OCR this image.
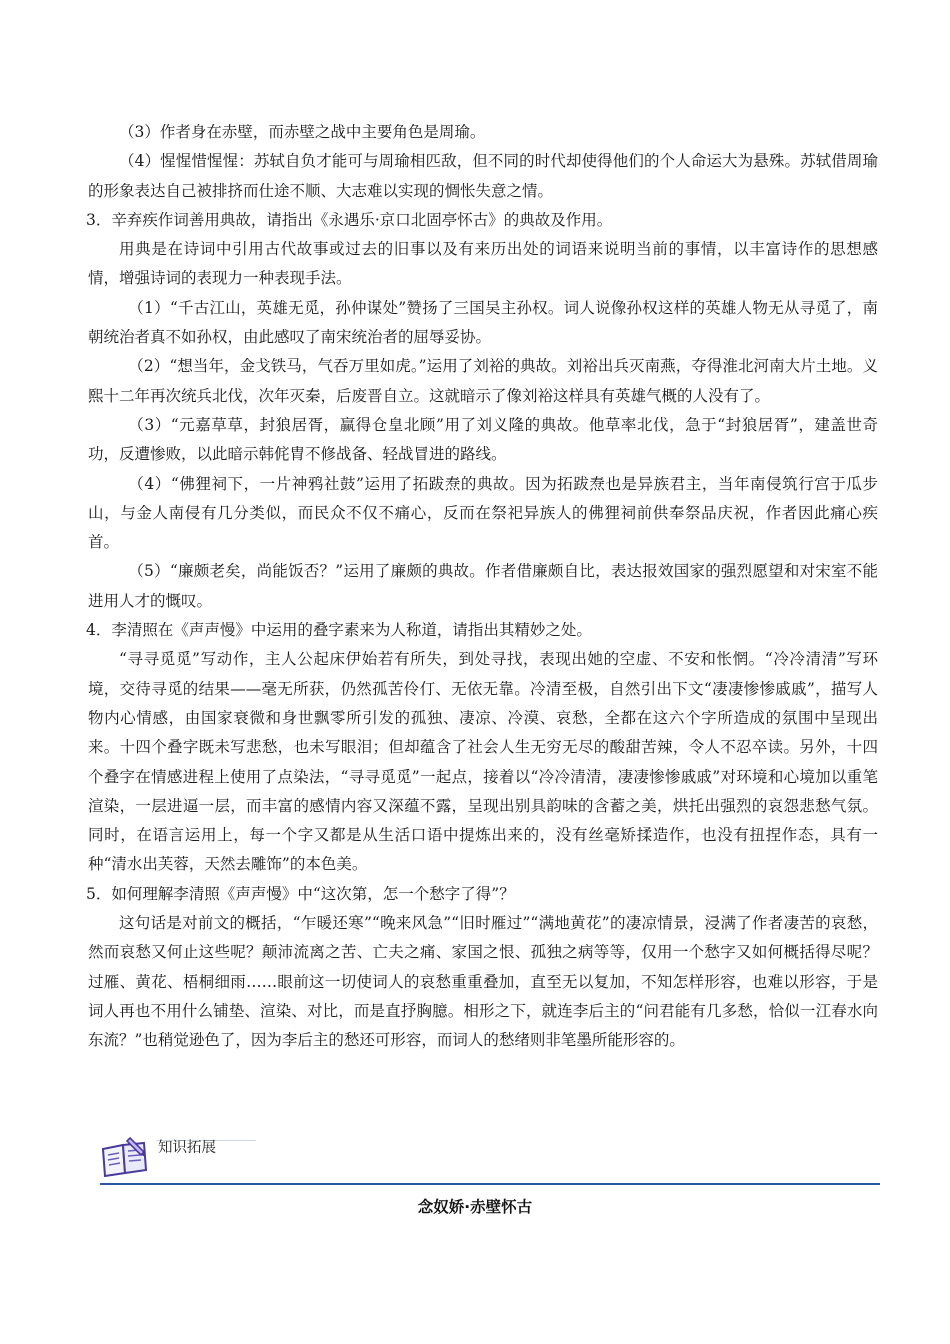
（3）作者身在赤壁，而赤壁之战中主要角色是周瑜。

（4）惺惺惜惺惺：苏轼自负才能可与周瑜相匹敌，但不同的时代却使得他们的个人命运大为悬殊。苏轼借周瑜的形象表达自己被排挤而仕途不顺、大志难以实现的惆怅失意之情。

3．辛弃疾作词善用典故，请指出《永遇乐·京口北固亭怀古》的典故及作用。

用典是在诗词中引用古代故事或过去的旧事以及有来历出处的词语来说明当前的事情，以丰富诗作的思想感情，增强诗词的表现力一种表现手法。

（1）“千古江山，英雄无觅，孙仲谋处”赞扬了三国吴主孙权。词人说像孙权这样的英雄人物无从寻觅了，南朝统治者真不如孙权，由此感叹了南宋统治者的屈辱妥协。

（2）“想当年，金戈铁马，气吞万里如虎。”运用了刘裕的典故。刘裕出兵灭南燕，夺得淮北河南大片土地。义熙十二年再次统兵北伐，次年灭秦，后废晋自立。这就暗示了像刘裕这样具有英雄气概的人没有了。

（3）“元嘉草草，封狼居胥，赢得仓皇北顾”用了刘义隆的典故。他草率北伐，急于“封狼居胥”，建盖世奇功，反遭惨败，以此暗示韩侂胄不修战备、轻战冒进的路线。

（4）“佛狸祠下，一片神鸦社鼓”运用了拓跋焘的典故。因为拓跋焘也是异族君主，当年南侵筑行宫于瓜步山，与金人南侵有几分类似，而民众不仅不痛心，反而在祭祀异族人的佛狸祠前供奉祭品庆祝，作者因此痛心疾首。

（5）“廉颇老矣，尚能饭否？”运用了廉颇的典故。作者借廉颇自比，表达报效国家的强烈愿望和对宋室不能进用人才的慨叹。

4．李清照在《声声慢》中运用的叠字素来为人称道，请指出其精妙之处。

“寻寻觅觅”写动作，主人公起床伊始若有所失，到处寻找，表现出她的空虚、不安和怅惘。“冷冷清清”写环境，交待寻觅的结果——毫无所获，仍然孤苦伶仃、无依无靠。冷清至极，自然引出下文“凄凄惨惨戚戚”，描写人物内心情感，由国家衰微和身世飘零所引发的孤独、凄凉、冷漠、哀愁，全都在这六个字所造成的氛围中呈现出来。十四个叠字既未写悲愁，也未写眼泪；但却蕴含了社会人生无穷无尽的酸甜苦辣，令人不忍卒读。另外，十四个叠字在情感进程上使用了点染法，“寻寻觅觅”一起点，接着以“冷冷清清，凄凄惨惨戚戚”对环境和心境加以重笔渲染，一层进逼一层，而丰富的感情内容又深蕴不露，呈现出别具韵味的含蓄之美，烘托出强烈的哀怨悲愁气氛。同时，在语言运用上，每一个字又都是从生活口语中提炼出来的，没有丝毫矫揉造作，也没有扭捏作态，具有一种“清水出芙蓉，天然去雕饰”的本色美。

5．如何理解李清照《声声慢》中“这次第，怎一个愁字了得”？

这句话是对前文的概括，“乍暖还寒”“晚来风急”“旧时雁过”“满地黄花”的凄凉情景，浸满了作者凄苦的哀愁，然而哀愁又何止这些呢？颠沛流离之苦、亡夫之痛、家国之恨、孤独之病等等，仅用一个愁字又如何概括得尽呢？过雁、黄花、梧桐细雨……眼前这一切使词人的哀愁重重叠加，直至无以复加，不知怎样形容，也难以形容，于是词人再也不用什么铺垫、渲染、对比，而是直抒胸臆。相形之下，就连李后主的“问君能有几多愁，恰似一江春水向东流？”也稍觉逊色了，因为李后主的愁还可形容，而词人的愁绪则非笔墨所能形容的。

知识拓展
念奴娇·赤壁怀古
